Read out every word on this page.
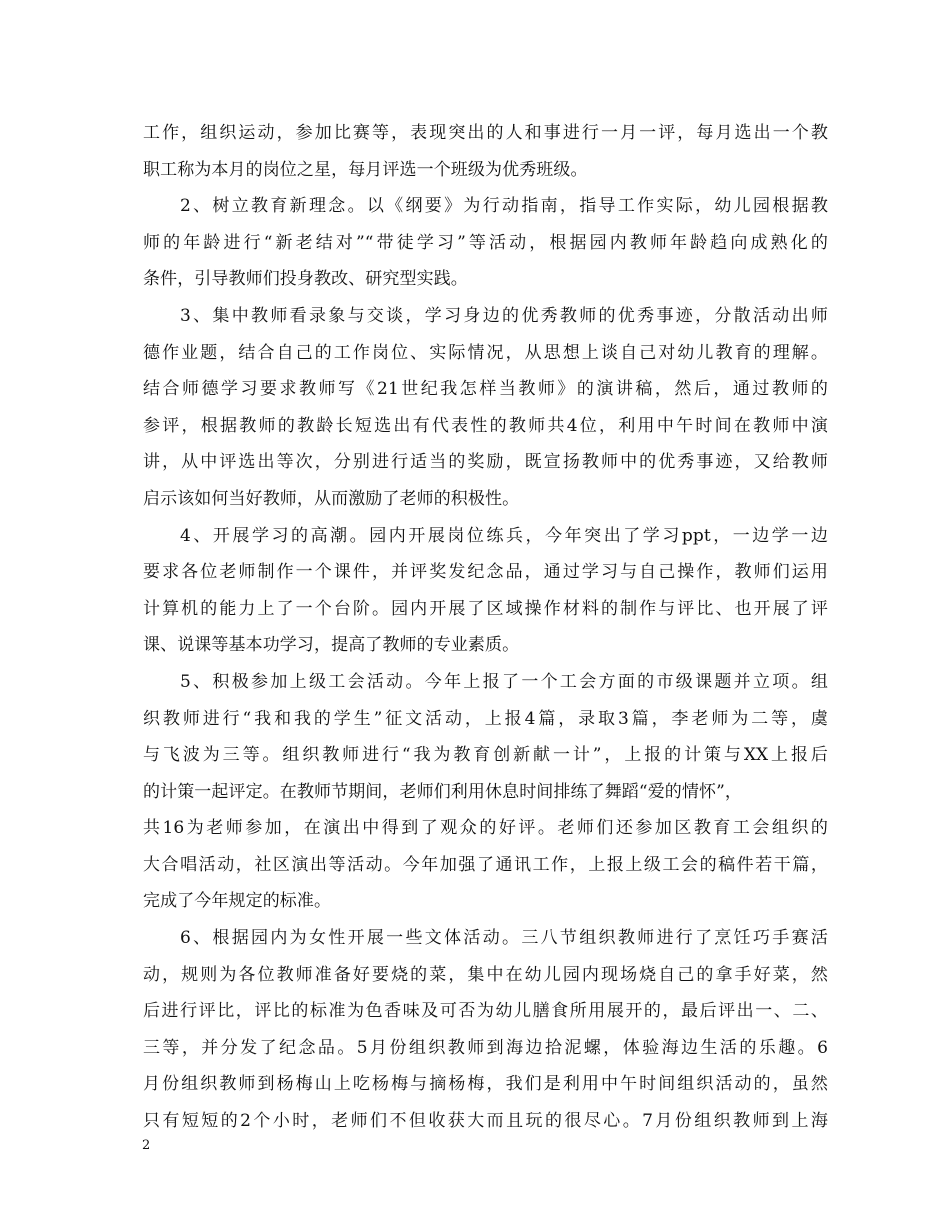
工作，组织运动，参加比赛等，表现突出的人和事进行一月一评，每月选出一个教
职工称为本月的岗位之星，每月评选一个班级为优秀班级。
2、树立教育新理念。以《纲要》为行动指南，指导工作实际，幼儿园根据教
师的年龄进行“新老结对”“带徒学习”等活动，根据园内教师年龄趋向成熟化的
条件，引导教师们投身教改、研究型实践。
3、集中教师看录象与交谈，学习身边的优秀教师的优秀事迹，分散活动出师
德作业题，结合自己的工作岗位、实际情况，从思想上谈自己对幼儿教育的理解。
结合师德学习要求教师写《21世纪我怎样当教师》的演讲稿，然后，通过教师的
参评，根据教师的教龄长短选出有代表性的教师共4位，利用中午时间在教师中演
讲，从中评选出等次，分别进行适当的奖励，既宣扬教师中的优秀事迹，又给教师
启示该如何当好教师，从而激励了老师的积极性。
4、开展学习的高潮。园内开展岗位练兵，今年突出了学习ppt，一边学一边
要求各位老师制作一个课件，并评奖发纪念品，通过学习与自己操作，教师们运用
计算机的能力上了一个台阶。园内开展了区域操作材料的制作与评比、也开展了评
课、说课等基本功学习，提高了教师的专业素质。
5、积极参加上级工会活动。今年上报了一个工会方面的市级课题并立项。组
织教师进行“我和我的学生”征文活动，上报4篇，录取3篇，李老师为二等，虞
与飞波为三等。组织教师进行“我为教育创新献一计”，上报的计策与XX上报后
的计策一起评定。在教师节期间，老师们利用休息时间排练了舞蹈“爱的情怀”，
共16为老师参加，在演出中得到了观众的好评。老师们还参加区教育工会组织的
大合唱活动，社区演出等活动。今年加强了通讯工作，上报上级工会的稿件若干篇，
完成了今年规定的标准。
6、根据园内为女性开展一些文体活动。三八节组织教师进行了烹饪巧手赛活
动，规则为各位教师准备好要烧的菜，集中在幼儿园内现场烧自己的拿手好菜，然
后进行评比，评比的标准为色香味及可否为幼儿膳食所用展开的，最后评出一、二、
三等，并分发了纪念品。5月份组织教师到海边拾泥螺，体验海边生活的乐趣。6
月份组织教师到杨梅山上吃杨梅与摘杨梅，我们是利用中午时间组织活动的，虽然
只有短短的2个小时，老师们不但收获大而且玩的很尽心。7月份组织教师到上海
2
